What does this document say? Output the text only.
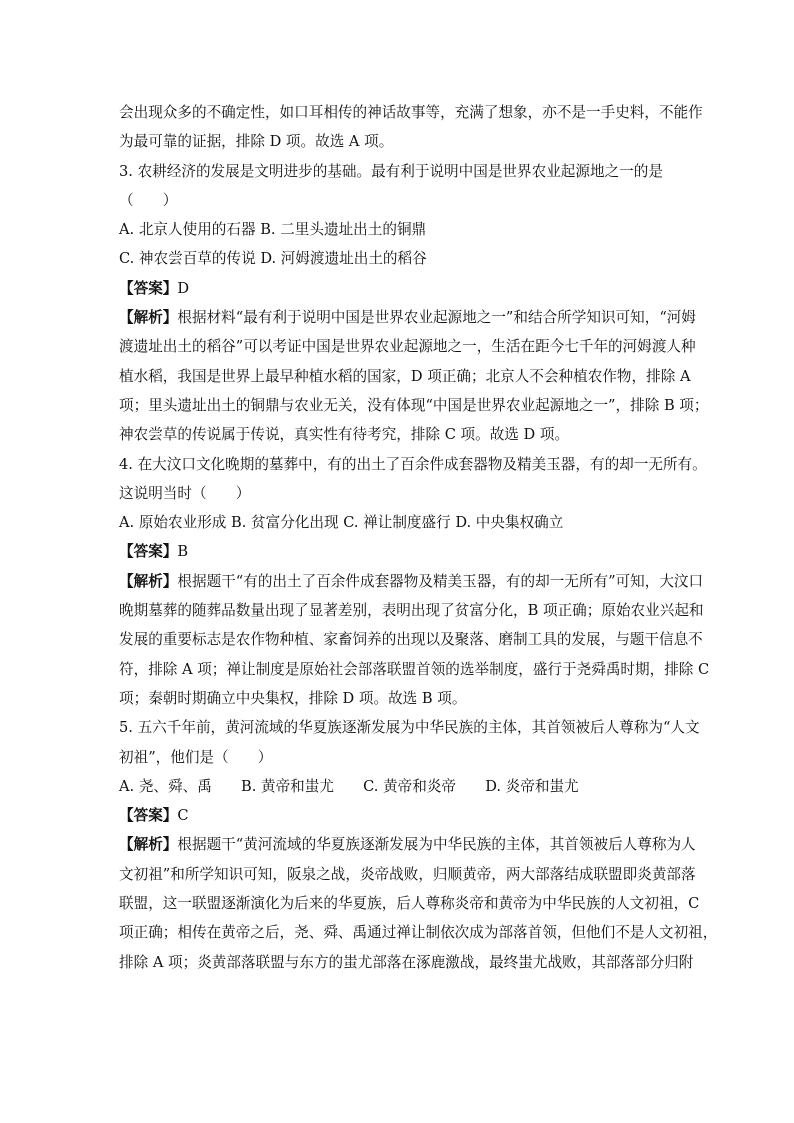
会出现众多的不确定性，如口耳相传的神话故事等，充满了想象，亦不是一手史料，不能作
为最可靠的证据，排除 D 项。故选 A 项。
3. 农耕经济的发展是文明进步的基础。最有利于说明中国是世界农业起源地之一的是
（　　）
A. 北京人使用的石器 B. 二里头遗址出土的铜鼎
C. 神农尝百草的传说 D. 河姆渡遗址出土的稻谷
【答案】D
【解析】根据材料“最有利于说明中国是世界农业起源地之一”和结合所学知识可知，“河姆
渡遗址出土的稻谷”可以考证中国是世界农业起源地之一，生活在距今七千年的河姆渡人种
植水稻，我国是世界上最早种植水稻的国家，D 项正确；北京人不会种植农作物，排除 A
项；里头遗址出土的铜鼎与农业无关，没有体现“中国是世界农业起源地之一”，排除 B 项；
神农尝草的传说属于传说，真实性有待考究，排除 C 项。故选 D 项。
4. 在大汶口文化晚期的墓葬中，有的出土了百余件成套器物及精美玉器，有的却一无所有。
这说明当时（　　）
A. 原始农业形成 B. 贫富分化出现 C. 禅让制度盛行 D. 中央集权确立
【答案】B
【解析】根据题干“有的出土了百余件成套器物及精美玉器，有的却一无所有”可知，大汶口
晚期墓葬的随葬品数量出现了显著差别，表明出现了贫富分化，B 项正确；原始农业兴起和
发展的重要标志是农作物种植、家畜饲养的出现以及聚落、磨制工具的发展，与题干信息不
符，排除 A 项；禅让制度是原始社会部落联盟首领的选举制度，盛行于尧舜禹时期，排除 C
项；秦朝时期确立中央集权，排除 D 项。故选 B 项。
5. 五六千年前，黄河流域的华夏族逐渐发展为中华民族的主体，其首领被后人尊称为“人文
初祖”，他们是（　　）
A. 尧、舜、禹　　B. 黄帝和蚩尤　　C. 黄帝和炎帝　　D. 炎帝和蚩尤
【答案】C
【解析】根据题干“黄河流域的华夏族逐渐发展为中华民族的主体，其首领被后人尊称为人
文初祖”和所学知识可知，阪泉之战，炎帝战败，归顺黄帝，两大部落结成联盟即炎黄部落
联盟，这一联盟逐渐演化为后来的华夏族，后人尊称炎帝和黄帝为中华民族的人文初祖，C
项正确；相传在黄帝之后，尧、舜、禹通过禅让制依次成为部落首领，但他们不是人文初祖，
排除 A 项；炎黄部落联盟与东方的蚩尤部落在涿鹿激战，最终蚩尤战败，其部落部分归附
